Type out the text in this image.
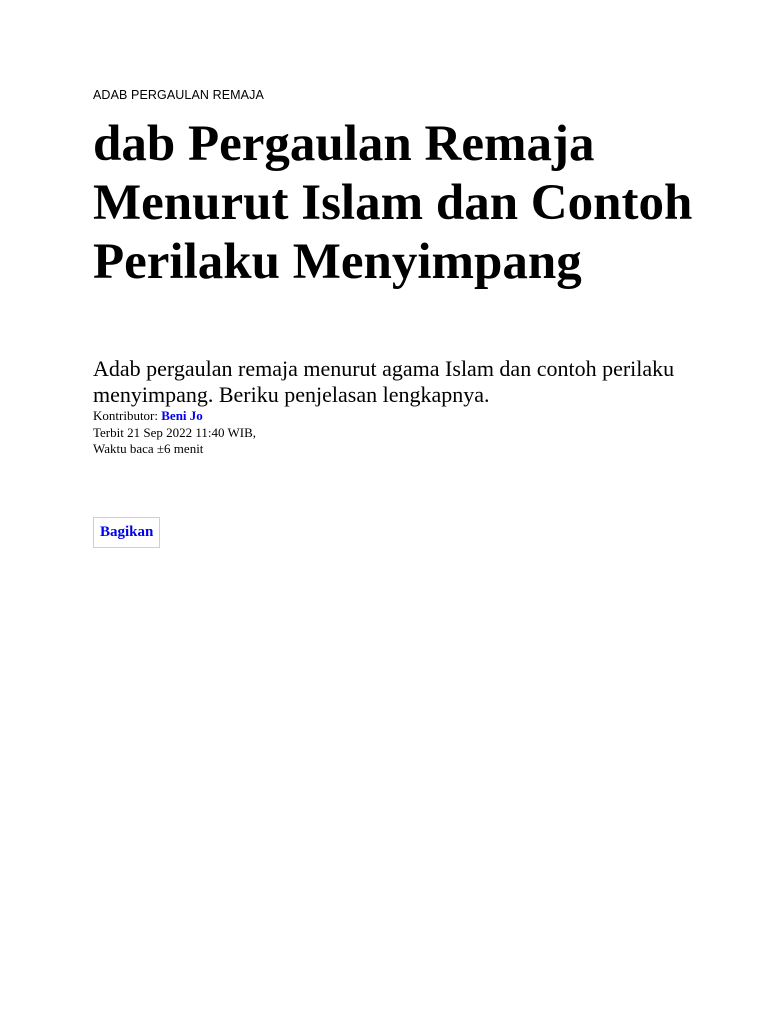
ADAB PERGAULAN REMAJA
dab Pergaulan Remaja Menurut Islam dan Contoh Perilaku Menyimpang

Adab pergaulan remaja menurut agama Islam dan contoh perilaku menyimpang. Beriku penjelasan lengkapnya.

Kontributor: Beni Jo
Terbit 21 Sep 2022 11:40 WIB,
Waktu baca ±6 menit
Bagikan
